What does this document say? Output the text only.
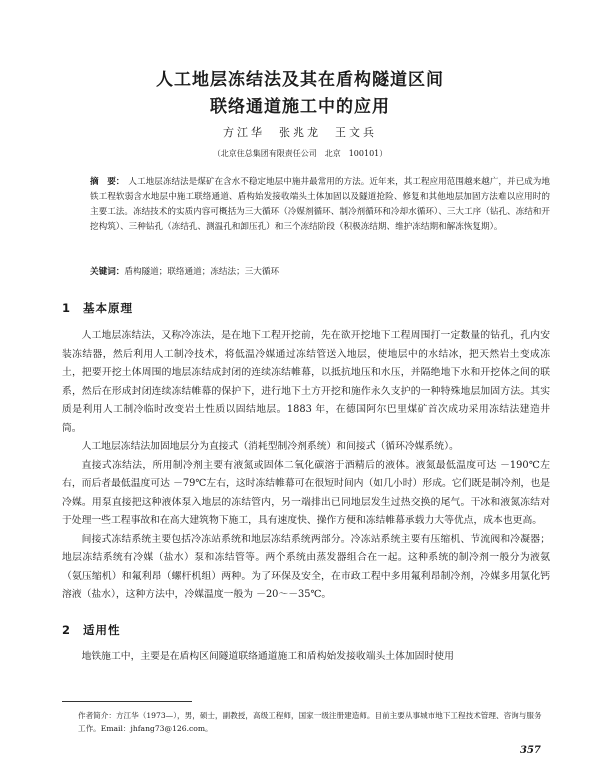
人工地层冻结法及其在盾构隧道区间
联络通道施工中的应用
方江华　张兆龙　王文兵
（北京住总集团有限责任公司　北京　100101）
摘　要： 人工地层冻结法是煤矿在含水不稳定地层中施井最常用的方法。近年来，其工程应用范围越来越广，并已成为地铁工程软弱含水地层中施工联络通道、盾构始发接收端头土体加固以及隧道抢险、修复和其他地层加固方法难以应用时的主要工法。冻结技术的实质内容可概括为三大循环（冷媒剂循环、制冷剂循环和冷却水循环）、三大工序（钻孔、冻结和开挖构筑）、三种钻孔（冻结孔、测温孔和卸压孔）和三个冻结阶段（积极冻结期、维护冻结期和解冻恢复期）。
关键词：盾构隧道；联络通道；冻结法；三大循环
1 基本原理

人工地层冻结法，又称冷冻法，是在地下工程开挖前，先在欲开挖地下工程周围打一定数量的钻孔，孔内安装冻结器，然后利用人工制冷技术，将低温冷媒通过冻结管送入地层，使地层中的水结冰，把天然岩土变成冻土，把要开挖土体周围的地层冻结成封闭的连续冻结帷幕，以抵抗地压和水压，并隔绝地下水和开挖体之间的联系，然后在形成封闭连续冻结帷幕的保护下，进行地下土方开挖和施作永久支护的一种特殊地层加固方法。其实质是利用人工制冷临时改变岩土性质以固结地层。1883 年，在德国阿尔巴里煤矿首次成功采用冻结法建造井筒。

人工地层冻结法加固地层分为直接式（消耗型制冷剂系统）和间接式（循环冷媒系统）。

直接式冻结法，所用制冷剂主要有液氮或固体二氧化碳溶于酒精后的液体。液氮最低温度可达 －190℃左右，而后者最低温度可达 －79℃左右，这时冻结帷幕可在很短时间内（如几小时）形成。它们既是制冷剂，也是冷媒。用泵直接把这种液体泵入地层的冻结管内，另一端排出已同地层发生过热交换的尾气。干冰和液氮冻结对于处理一些工程事故和在高大建筑物下施工，具有速度快、操作方便和冻结帷幕承载力大等优点，成本也更高。

间接式冻结系统主要包括冷冻站系统和地层冻结系统两部分。冷冻站系统主要有压缩机、节流阀和冷凝器；地层冻结系统有冷媒（盐水）泵和冻结管等。两个系统由蒸发器组合在一起。这种系统的制冷剂一般分为液氨（氨压缩机）和氟利昂（螺杆机组）两种。为了环保及安全，在市政工程中多用氟利昂制冷剂，冷媒多用氯化钙溶液（盐水），这种方法中，冷媒温度一般为 －20～－35℃。

2 适用性

地铁施工中，主要是在盾构区间隧道联络通道施工和盾构始发接收端头土体加固时使用

作者简介：方江华（1973—），男，硕士，副教授，高级工程师，国家一级注册建造师。目前主要从事城市地下工程技术管理、咨询与服务工作。Email：jhfang73@126.com。
357
